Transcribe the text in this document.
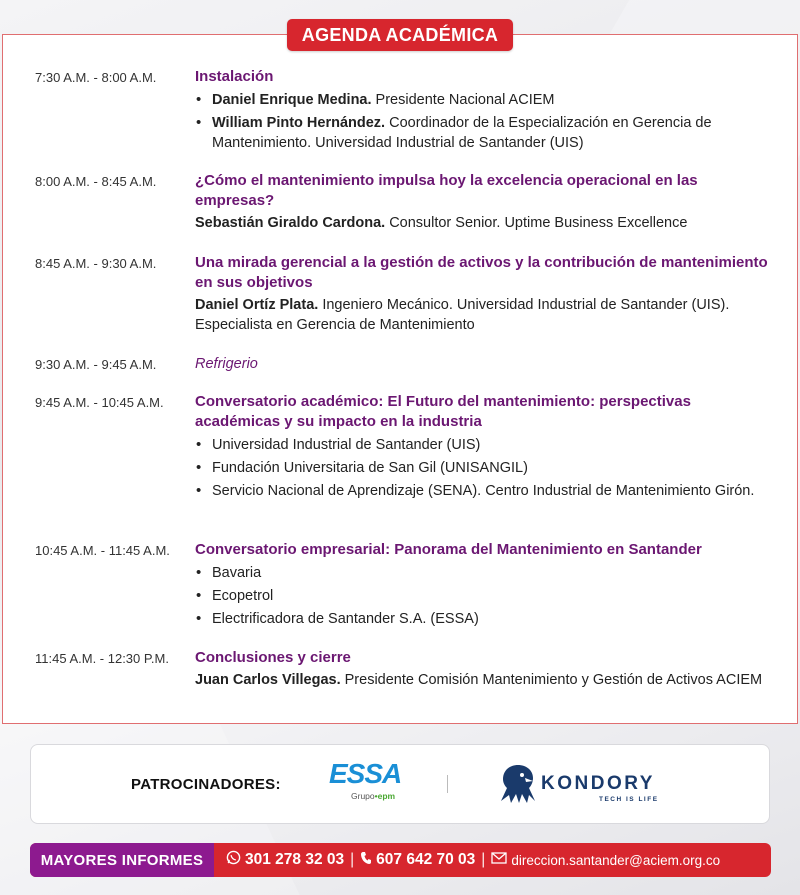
7:30 A.M. - 8:00 A.M.	Instalación
• Daniel Enrique Medina. Presidente Nacional ACIEM
• William Pinto Hernández. Coordinador de la Especialización en Gerencia de Mantenimiento. Universidad Industrial de Santander (UIS)
8:00 A.M. - 8:45 A.M.	¿Cómo el mantenimiento impulsa hoy la excelencia operacional en las empresas?
Sebastián Giraldo Cardona. Consultor Senior. Uptime Business Excellence
8:45 A.M. - 9:30 A.M.	Una mirada gerencial a la gestión de activos y la contribución de mantenimiento en sus objetivos
Daniel Ortíz Plata. Ingeniero Mecánico. Universidad Industrial de Santander (UIS). Especialista en Gerencia de Mantenimiento
9:30 A.M. - 9:45 A.M.	Refrigerio
9:45 A.M. - 10:45 A.M. Conversatorio académico: El Futuro del mantenimiento: perspectivas académicas y su impacto en la industria
• Universidad Industrial de Santander (UIS)
• Fundación Universitaria de San Gil (UNISANGIL)
• Servicio Nacional de Aprendizaje (SENA). Centro Industrial de Mantenimiento Girón.
10:45 A.M. - 11:45 A.M. Conversatorio empresarial: Panorama del Mantenimiento en Santander
• Bavaria
• Ecopetrol
• Electrificadora de Santander S.A. (ESSA)
11:45 A.M. - 12:30 P.M. Conclusiones y cierre
Juan Carlos Villegas. Presidente Comisión Mantenimiento y Gestión de Activos ACIEM
AGENDA ACADÉMICA
PATROCINADORES: ESSA
Grupo•epm
KONDORY
TECH IS LIFE
MAYORES INFORMES	301 278 32 03 | 607 642 70 03 | direccion.santander@aciem.org.co
